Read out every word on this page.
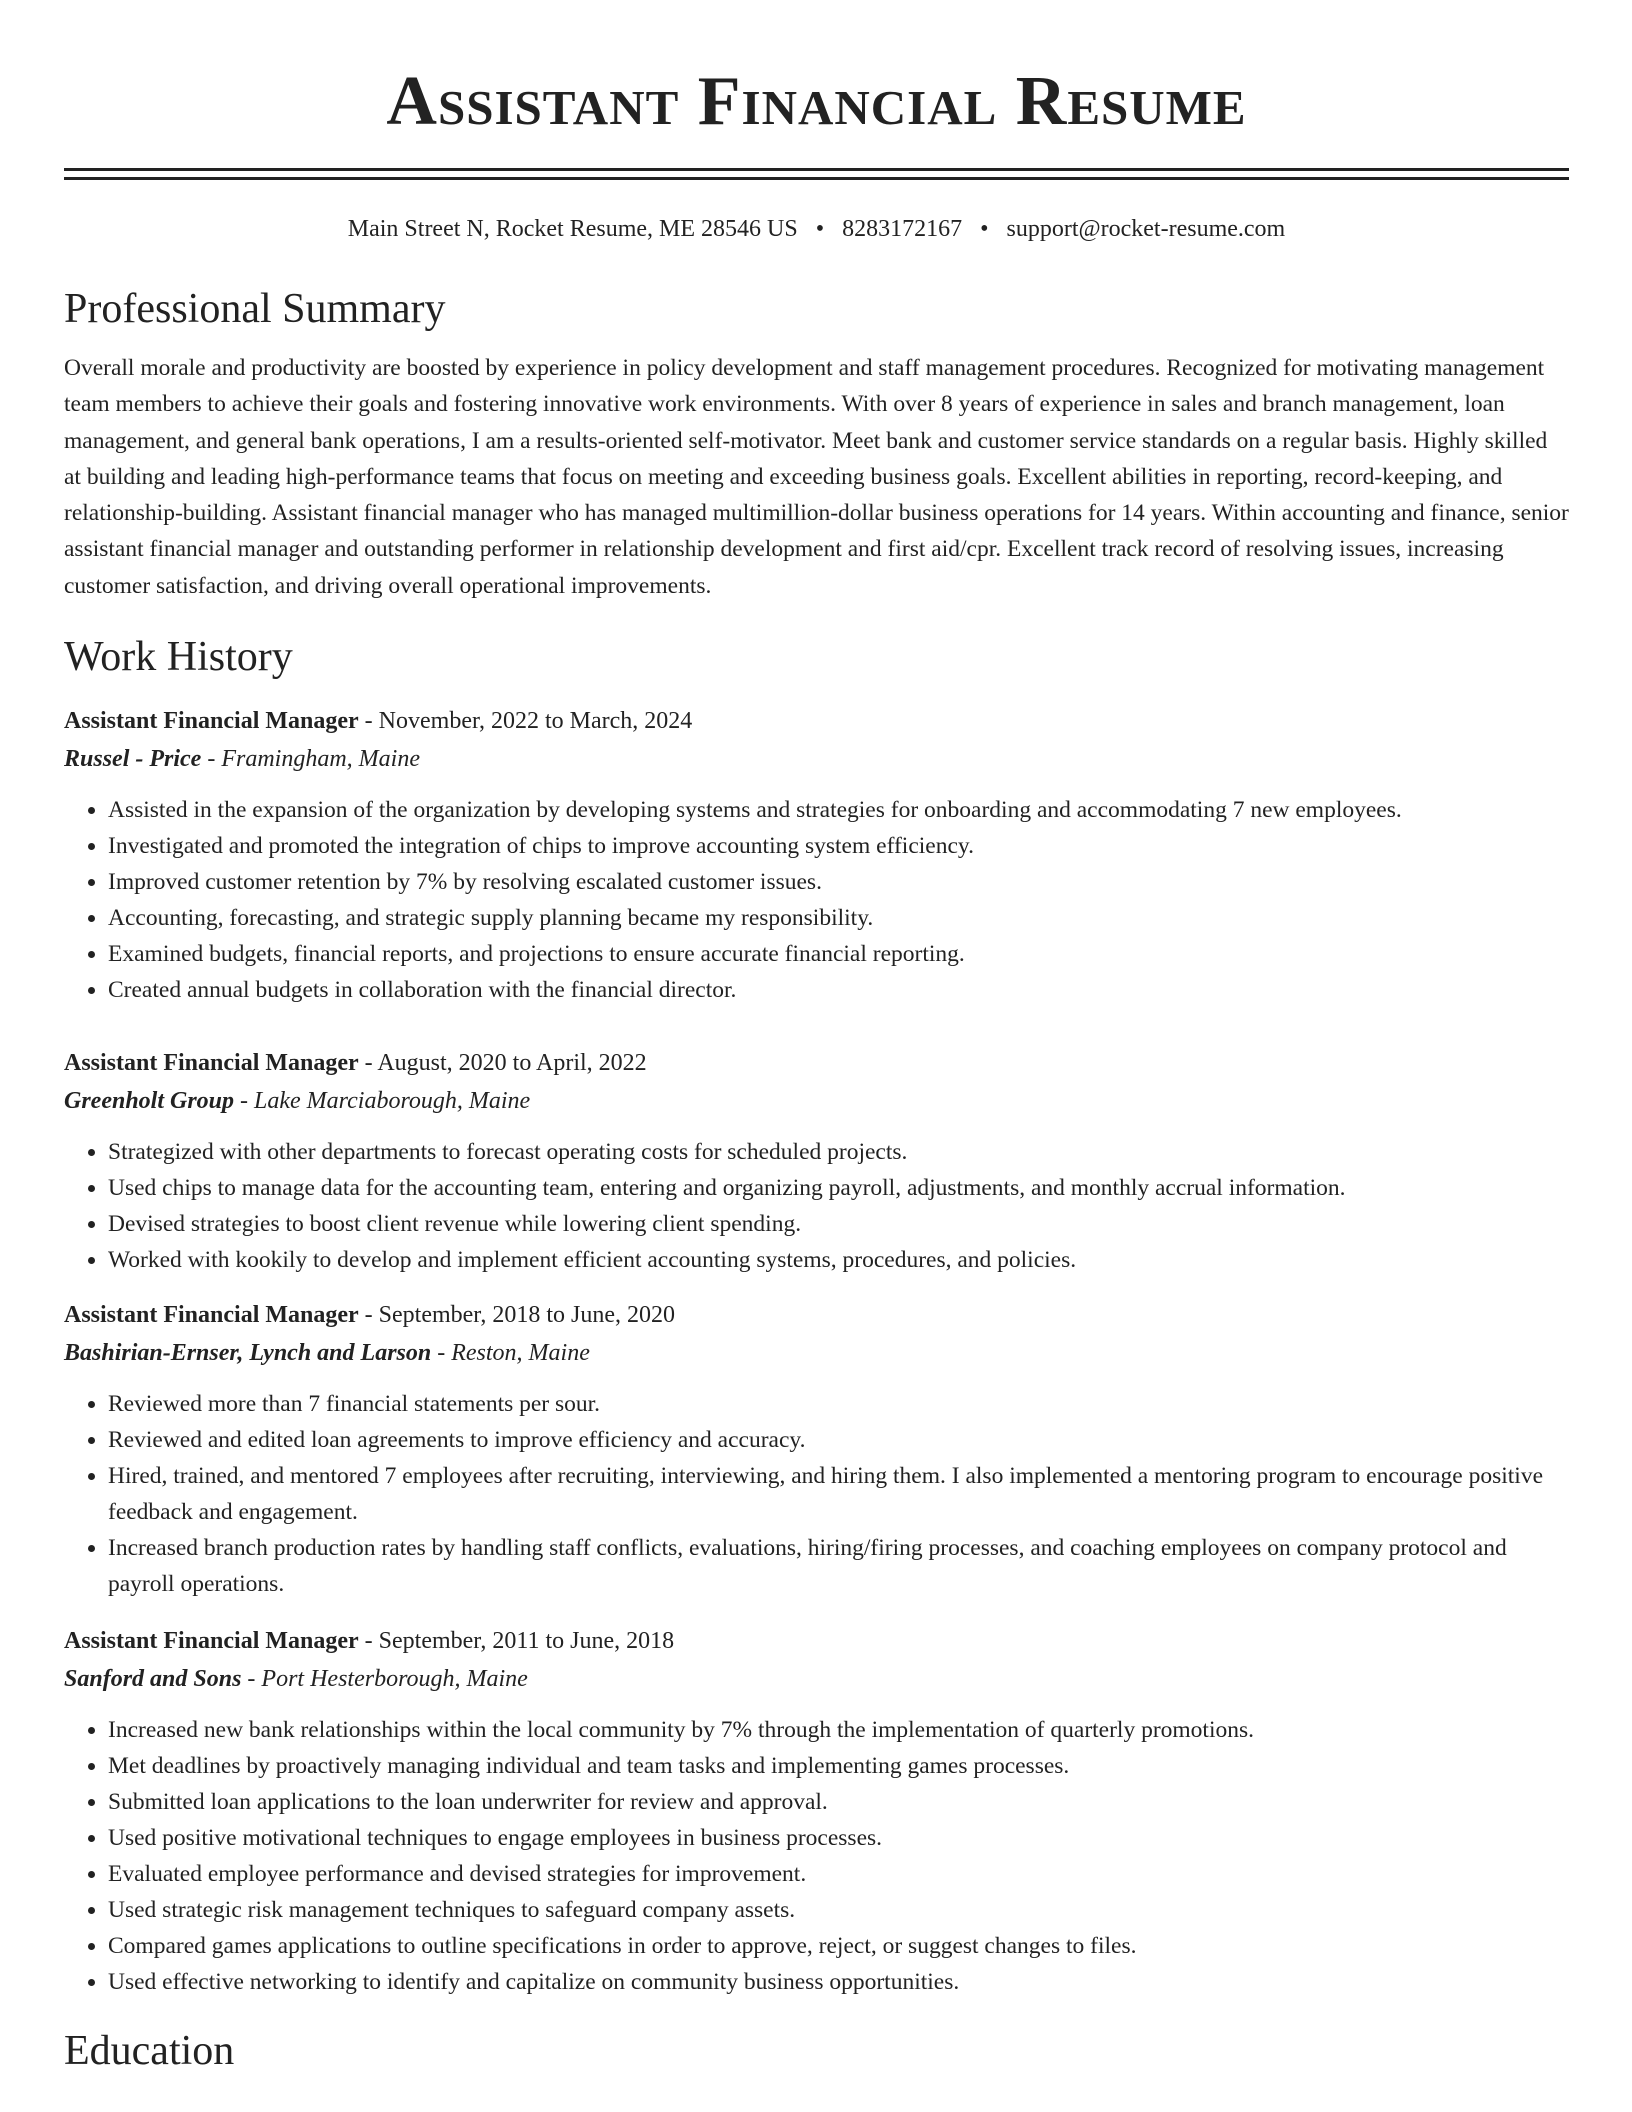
Assistant Financial Resume
Main Street N, Rocket Resume, ME 28546 US • 8283172167 • support@rocket-resume.com
Professional Summary

Overall morale and productivity are boosted by experience in policy development and staff management procedures. Recognized for motivating management team members to achieve their goals and fostering innovative work environments. With over 8 years of experience in sales and branch management, loan management, and general bank operations, I am a results-oriented self-motivator. Meet bank and customer service standards on a regular basis. Highly skilled at building and leading high-performance teams that focus on meeting and exceeding business goals. Excellent abilities in reporting, record-keeping, and relationship-building. Assistant financial manager who has managed multimillion-dollar business operations for 14 years. Within accounting and finance, senior assistant financial manager and outstanding performer in relationship development and first aid/cpr. Excellent track record of resolving issues, increasing customer satisfaction, and driving overall operational improvements.

Work History
Assistant Financial Manager - November, 2022 to March, 2024
Russel - Price - Framingham, Maine
• Assisted in the expansion of the organization by developing systems and strategies for onboarding and accommodating 7 new employees.
• Investigated and promoted the integration of chips to improve accounting system efficiency.
• Improved customer retention by 7% by resolving escalated customer issues.
• Accounting, forecasting, and strategic supply planning became my responsibility.
• Examined budgets, financial reports, and projections to ensure accurate financial reporting.
• Created annual budgets in collaboration with the financial director.
Assistant Financial Manager - August, 2020 to April, 2022
Greenholt Group - Lake Marciaborough, Maine
• Strategized with other departments to forecast operating costs for scheduled projects.
• Used chips to manage data for the accounting team, entering and organizing payroll, adjustments, and monthly accrual information.
• Devised strategies to boost client revenue while lowering client spending.
• Worked with kookily to develop and implement efficient accounting systems, procedures, and policies.
Assistant Financial Manager - September, 2018 to June, 2020
Bashirian-Ernser, Lynch and Larson - Reston, Maine
• Reviewed more than 7 financial statements per sour.
• Reviewed and edited loan agreements to improve efficiency and accuracy.
• Hired, trained, and mentored 7 employees after recruiting, interviewing, and hiring them. I also implemented a mentoring program to encourage positive feedback and engagement.
• Increased branch production rates by handling staff conflicts, evaluations, hiring/firing processes, and coaching employees on company protocol and payroll operations.
Assistant Financial Manager - September, 2011 to June, 2018
Sanford and Sons - Port Hesterborough, Maine
• Increased new bank relationships within the local community by 7% through the implementation of quarterly promotions.
• Met deadlines by proactively managing individual and team tasks and implementing games processes.
• Submitted loan applications to the loan underwriter for review and approval.
• Used positive motivational techniques to engage employees in business processes.
• Evaluated employee performance and devised strategies for improvement.
• Used strategic risk management techniques to safeguard company assets.
• Compared games applications to outline specifications in order to approve, reject, or suggest changes to files.
• Used effective networking to identify and capitalize on community business opportunities.
Education
